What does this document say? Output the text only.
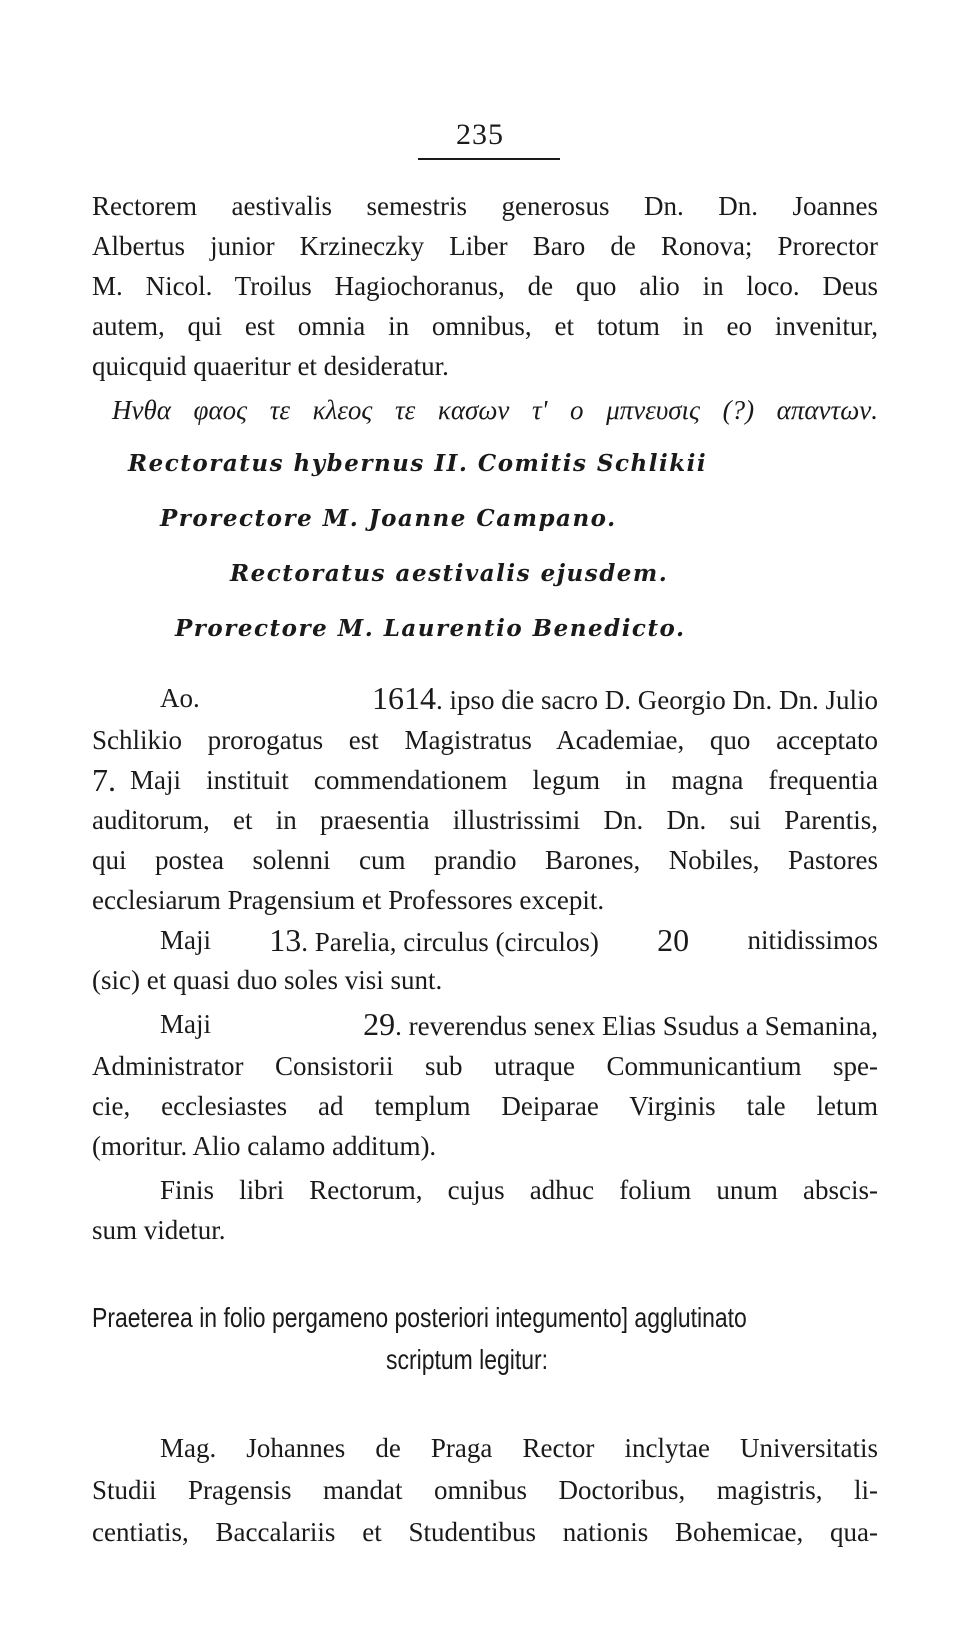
235
Rectorem aestivalis semestris generosus Dn. Dn. Joannes
Albertus junior Krzineczky Liber Baro de Ronova; Prorector
M. Nicol. Troilus Hagiochoranus, de quo alio in loco. Deus
autem, qui est omnia in omnibus, et totum in eo invenitur,
quicquid quaeritur et desideratur.
Ηνθα φαος τε κλεος τε κασων τ' ο μπνευσις (?) απαντων.
Rectoratus hybernus II. Comitis Schlikii
Prorectore M. Joanne Campano.
Rectoratus aestivalis ejusdem.
Prorectore M. Laurentio Benedicto.
Ao.	1614. ipso die sacro D. Georgio Dn. Dn. Julio
Schlikio prorogatus est Magistratus Academiae, quo acceptato
7. Maji instituit commendationem legum in magna frequentia
auditorum, et in praesentia illustrissimi Dn. Dn. sui Parentis,
qui postea solenni cum prandio Barones, Nobiles, Pastores
ecclesiarum Pragensium et Professores excepit.
Maji 13. Parelia, circulus (circulos) 20 nitidissimos
(sic) et quasi duo soles visi sunt.
Maji	29. reverendus senex Elias Ssudus a Semanina,
Administrator Consistorii sub utraque Communicantium spe-
cie, ecclesiastes ad templum Deiparae Virginis tale letum
(moritur. Alio calamo additum).
Finis libri Rectorum, cujus adhuc folium unum abscis-
sum videtur.
Praeterea in folio pergameno posteriori integumento] agglutinato
scriptum legitur:
Mag. Johannes de Praga Rector inclytae Universitatis
Studii Pragensis mandat omnibus Doctoribus, magistris, li-
centiatis, Baccalariis et Studentibus nationis Bohemicae, qua-
